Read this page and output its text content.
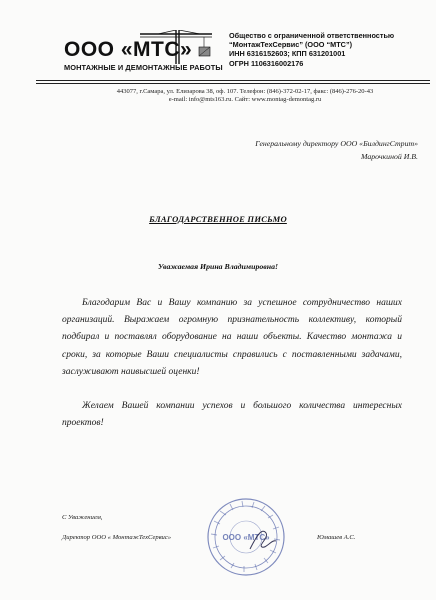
ООО «МТС»
МОНТАЖНЫЕ И ДЕМОНТАЖНЫЕ РАБОТЫ
Общество с ограниченной ответственностью
“МонтажТехСервис” (ООО “МТС”)
ИНН 6316152603; КПП 631201001
ОГРН 1106316002176
443077, г.Самара, ул. Елизарова 38, оф. 107. Телефон: (846)-372-02-17, факс: (846)-276-20-43
e-mail: info@mts163.ru. Сайт: www.montag-demontag.ru
Генеральному директору ООО «БилдингСтрит»
Марочкиной И.В.
БЛАГОДАРСТВЕННОЕ ПИСЬМО
Уважаемая Ирина Владимировна!

Благодарим Вас и Вашу компанию за успешное сотрудничество наших организаций. Выражаем огромную признательность коллективу, который подбирал и поставлял оборудование на наши объекты. Качество монтажа и сроки, за которые Ваши специалисты справились с поставленными задачами, заслуживают наивысшей оценки!

Желаем Вашей компании успехов и большого количества интересных проектов!

С Уважением,
Директор ООО « МонтажТехСервис»	ООО «МТС»	Юмашев А.С.
